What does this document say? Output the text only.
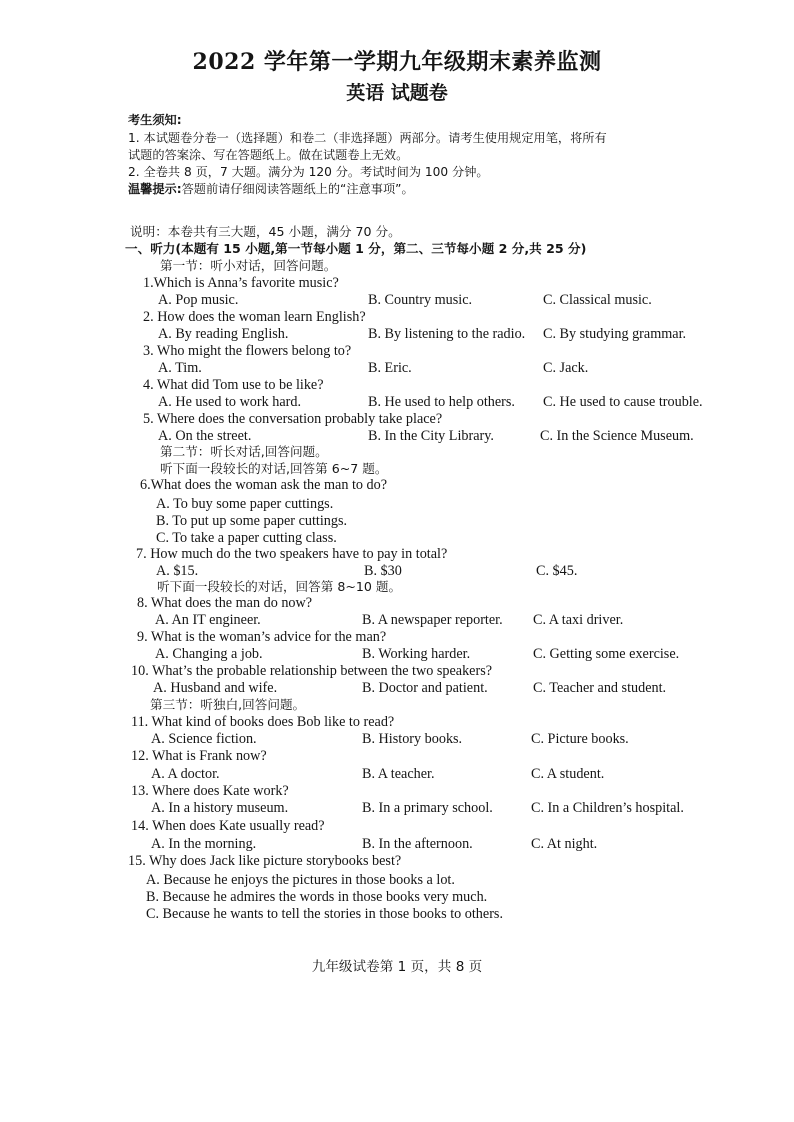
2022 学年第一学期九年级期末素养监测
英语 试题卷
考生须知:
1. 本试题卷分卷一（选择题）和卷二（非选择题）两部分。请考生使用规定用笔，将所有
试题的答案涂、写在答题纸上。做在试题卷上无效。
2. 全卷共 8 页，7 大题。满分为 120 分。考试时间为 100 分钟。
温馨提示:答题前请仔细阅读答题纸上的“注意事项”。
说明：本卷共有三大题，45 小题，满分 70 分。
一、听力(本题有 15 小题,第一节每小题 1 分，第二、三节每小题 2 分,共 25 分)
第一节：听小对话，回答问题。
1.Which is Anna’s favorite music?
A. Pop music.	B. Country music.	C. Classical music.
2. How does the woman learn English?
A. By reading English.	B. By listening to the radio. C. By studying grammar.
3. Who might the flowers belong to?
A. Tim.	B. Eric.	C. Jack.
4. What did Tom use to be like?
A. He used to work hard.	B. He used to help others. C. He used to cause trouble.
5. Where does the conversation probably take place?
A. On the street.	B. In the City Library.	C. In the Science Museum.
6.What does the woman ask the man to do?
A. To buy some paper cuttings.
B. To put up some paper cuttings.
C. To take a paper cutting class.
7. How much do the two speakers have to pay in total?
A. $15.	B. $30	C. $45.
8. What does the man do now?
A. An IT engineer.	B. A newspaper reporter. C. A taxi driver.
9. What is the woman’s advice for the man?
A. Changing a job.	B. Working harder.	C. Getting some exercise.
10. What’s the probable relationship between the two speakers?
A. Husband and wife.	B. Doctor and patient.	C. Teacher and student.
11. What kind of books does Bob like to read?
A. Science fiction.	B. History books.	C. Picture books.
12. What is Frank now?
A. A doctor.	B. A teacher.	C. A student.
13. Where does Kate work?
A. In a history museum.	B. In a primary school.	C. In a Children’s hospital.
14. When does Kate usually read?
A. In the morning.	B. In the afternoon.	C. At night.
15. Why does Jack like picture storybooks best?
A. Because he enjoys the pictures in those books a lot.
B. Because he admires the words in those books very much.
C. Because he wants to tell the stories in those books to others.
第二节：听长对话,回答问题。
听下面一段较长的对话,回答第 6~7 题。
听下面一段较长的对话，回答第 8~10 题。
第三节：听独白,回答问题。
九年级试卷第 1 页，共 8 页
